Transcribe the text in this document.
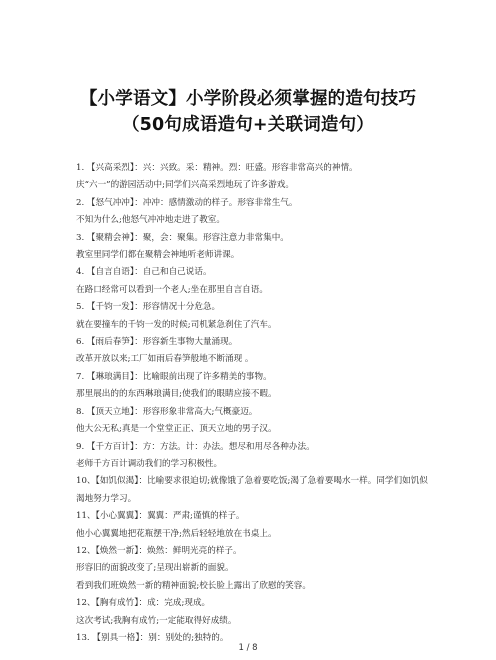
【小学语文】小学阶段必须掌握的造句技巧（50句成语造句+关联词造句）
1. 【兴高采烈】：兴：兴致。采：精神。烈：旺盛。形容非常高兴的神情。
庆“六一”的游园活动中;同学们兴高采烈地玩了许多游戏。
2. 【怒气冲冲】：冲冲：感情激动的样子。形容非常生气。
不知为什么;他怒气冲冲地走进了教室。
3. 【聚精会神】：聚，会：聚集。形容注意力非常集中。
教室里同学们都在聚精会神地听老师讲课。
4. 【自言自语】：自己和自己说话。
在路口经常可以看到一个老人;坐在那里自言自语。
5. 【千钧一发】：形容情况十分危急。
就在要撞车的千钧一发的时候;司机紧急刹住了汽车。
6. 【雨后春笋】：形容新生事物大量涌现。
改革开放以来;工厂如雨后春笋般地不断涌现 。
7. 【琳琅满目】：比喻眼前出现了许多精美的事物。
那里展出的的东西琳琅满目;使我们的眼睛应接不暇。
8. 【顶天立地】：形容形象非常高大;气概豪迈。
他大公无私;真是一个堂堂正正、顶天立地的男子汉。
9. 【千方百计】：方：方法。计：办法。想尽和用尽各种办法。
老师千方百计调动我们的学习积极性。
10、【如饥似渴】：比喻要求很迫切;就像饿了急着要吃饭;渴了急着要喝水一样。同学们如饥似渴地努力学习。
11、【小心翼翼】：翼翼：严肃;谨慎的样子。
他小心翼翼地把花瓶摆干净;然后轻轻地放在书桌上。
12、【焕然一新】：焕然：鲜明光亮的样子。
形容旧的面貌改变了;呈现出崭新的面貌。
看到我们班焕然一新的精神面貌;校长脸上露出了欣慰的笑容。
12、【胸有成竹】：成：完成;现成。
这次考试;我胸有成竹;一定能取得好成绩。
13. 【别具一格】：别：别处的;独特的。
1 / 8
